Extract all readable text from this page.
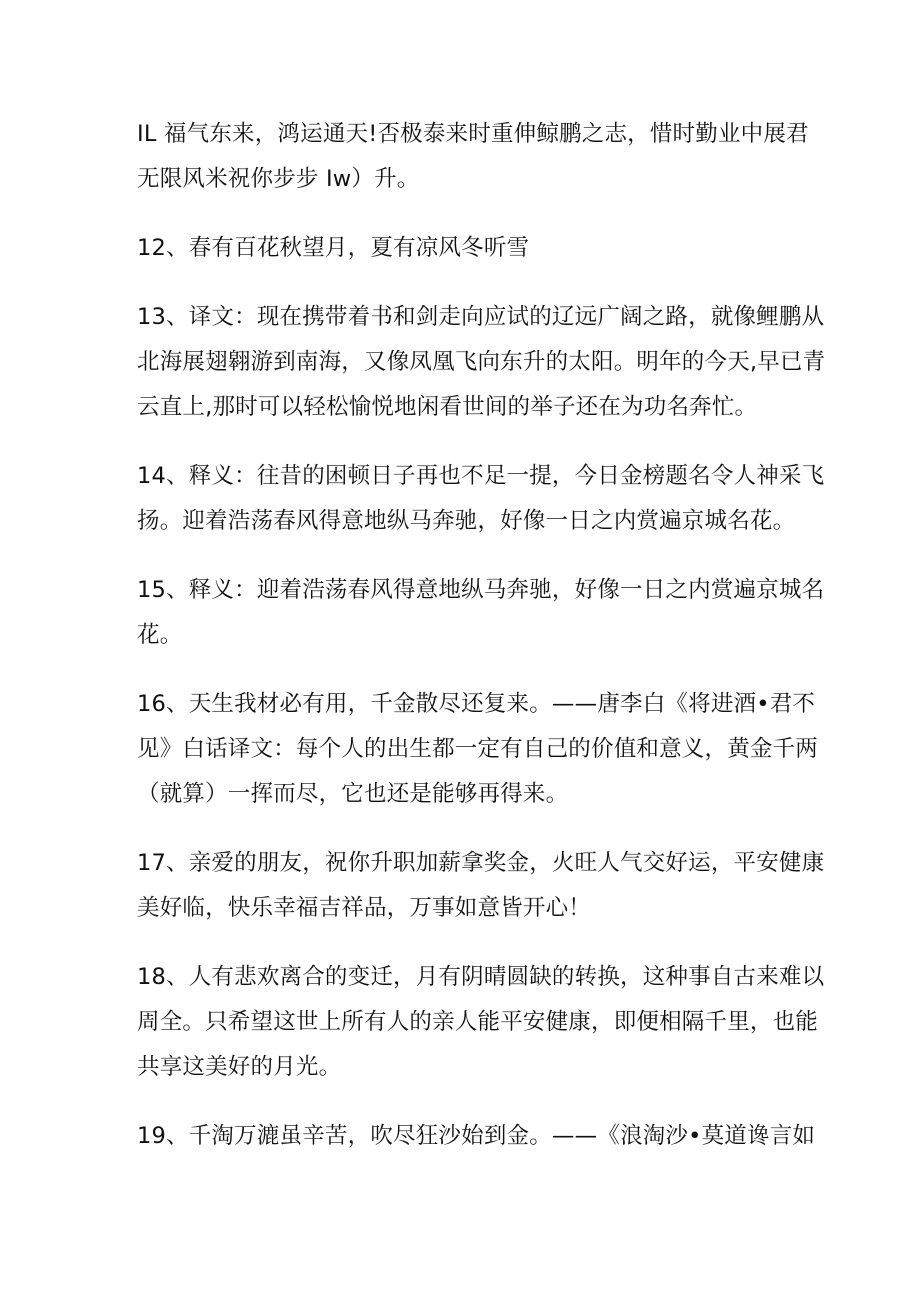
IL 福气东来，鸿运通天!否极泰来时重伸鲸鹏之志，惜时勤业中展君
无限风米祝你步步 Iw）升。

12、春有百花秋望月，夏有凉风冬听雪

13、译文：现在携带着书和剑走向应试的辽远广阔之路，就像鲤鹏从
北海展翅翱游到南海，又像凤凰飞向东升的太阳。明年的今天,早已青
云直上,那时可以轻松愉悦地闲看世间的举子还在为功名奔忙。

14、释义：往昔的困顿日子再也不足一提，今日金榜题名令人神采飞
扬。迎着浩荡春风得意地纵马奔驰，好像一日之内赏遍京城名花。

15、释义：迎着浩荡春风得意地纵马奔驰，好像一日之内赏遍京城名
花。

16、天生我材必有用，千金散尽还复来。——唐李白《将进酒•君不
见》白话译文：每个人的出生都一定有自己的价值和意义，黄金千两
（就算）一挥而尽，它也还是能够再得来。

17、亲爱的朋友，祝你升职加薪拿奖金，火旺人气交好运，平安健康
美好临，快乐幸福吉祥品，万事如意皆开心！

18、人有悲欢离合的变迁，月有阴晴圆缺的转换，这种事自古来难以
周全。只希望这世上所有人的亲人能平安健康，即便相隔千里，也能
共享这美好的月光。

19、千淘万漉虽辛苦，吹尽狂沙始到金。——《浪淘沙•莫道谗言如
